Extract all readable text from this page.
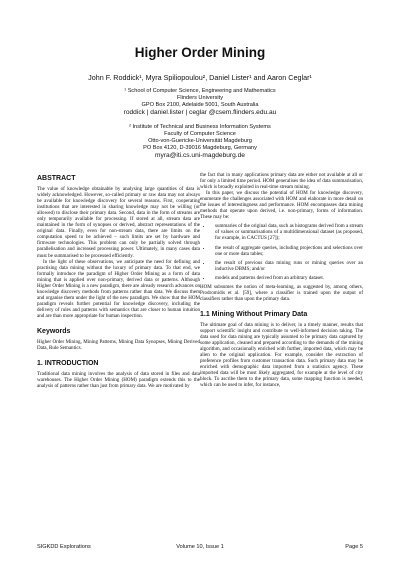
Higher Order Mining
John F. Roddick¹, Myra Spiliopoulou², Daniel Lister¹ and Aaron Ceglar¹
¹ School of Computer Science, Engineering and Mathematics
Flinders University
GPO Box 2100, Adelaide 5001, South Australia
roddick | daniel.lister | ceglar @csem.flinders.edu.au
² Institute of Technical and Business Information Systems
Faculty of Computer Science
Otto-von-Guericke-Universität Magdeburg
PO Box 4120, D-39016 Magdeburg, Germany
myra@iti.cs.uni-magdeburg.de
ABSTRACT

The value of knowledge obtainable by analysing large quantities of data is widely acknowledged. However, so-called primary or raw data may not always be available for knowledge discovery for several reasons. First, cooperating institutions that are interested in sharing knowledge may not be willing (or allowed) to disclose their primary data. Second, data in the form of streams are only temporarily available for processing. If stored at all, stream data are maintained in the form of synopses or derived, abstract representations of the original data. Finally, even for non-stream data, there are limits on the computation speed to be achieved – such limits are set by hardware and firmware technologies. This problem can only be partially solved through parallelisation and increased processing power. Ultimately, in many cases data must be summarised to be processed efficiently.

In the light of these observations, we anticipate the need for defining and practising data mining without the luxury of primary data. To that end, we formally introduce the paradigm of Higher Order Mining as a form of data mining that is applied over non-primary, derived data or patterns. Although Higher Order Mining is a new paradigm, there are already research advances on knowledge discovery methods from patterns rather than data. We discuss them and organise them under the light of the new paradigm. We show that the HOM paradigm reveals further potential for knowledge discovery, including the delivery of rules and patterns with semantics that are closer to human intuition and are than more appropriate for human inspection.

Keywords

Higher Order Mining, Mining Patterns, Mining Data Synopses, Mining Derived Data, Rule Semantics.

1. INTRODUCTION

Traditional data mining involves the analysis of data stored in files and data warehouses. The Higher Order Mining (HOM) paradigm extends this to the analysis of patterns rather than just from primary data. We are motivated by

the fact that in many applications primary data are either not available at all or for only a limited time period. HOM generalises the idea of data summarisation, which is broadly exploited in real-time stream mining.

In this paper, we discuss the potential of HOM for knowledge discovery, enumerate the challenges associated with HOM and elaborate in more detail on the issues of interestingness and performance. HOM encompasses data mining methods that operate upon derived, i.e. non-primary, forms of information. These may be:

• summaries of the original data, such as histograms derived from a stream of values or summarisations of a multidimensional dataset (as proposed, for example, in CACTUS [27]);
• the result of aggregate queries, including projections and selections over one or more data tables;
• the result of previous data mining runs or mining queries over an inductive DBMS; and/or
• models and patterns derived from an arbitrary dataset.

HOM subsumes the notion of meta-learning, as suggested by, among others, Prodromidis et al. [59], where a classifier is trained upon the output of classifiers rather than upon the primary data.

1.1 Mining Without Primary Data

The ultimate goal of data mining is to deliver, in a timely manner, results that support scientific insight and contribute to well-informed decision taking. The data used for data mining are typically assumed to be primary data captured by some application, cleaned and prepared according to the demands of the mining algorithm, and occasionally enriched with further, imported data, which may be alien to the original application. For example, consider the extraction of preference profiles from customer transaction data. Such primary data may be enriched with demographic data imported from a statistics agency. These imported data will be most likely aggregated, for example at the level of city block. To ascribe them to the primary data, some mapping function is needed, which can be used to infer, for instance,

SIGKDD Explorations	Volume 10, Issue 1	Page 5
